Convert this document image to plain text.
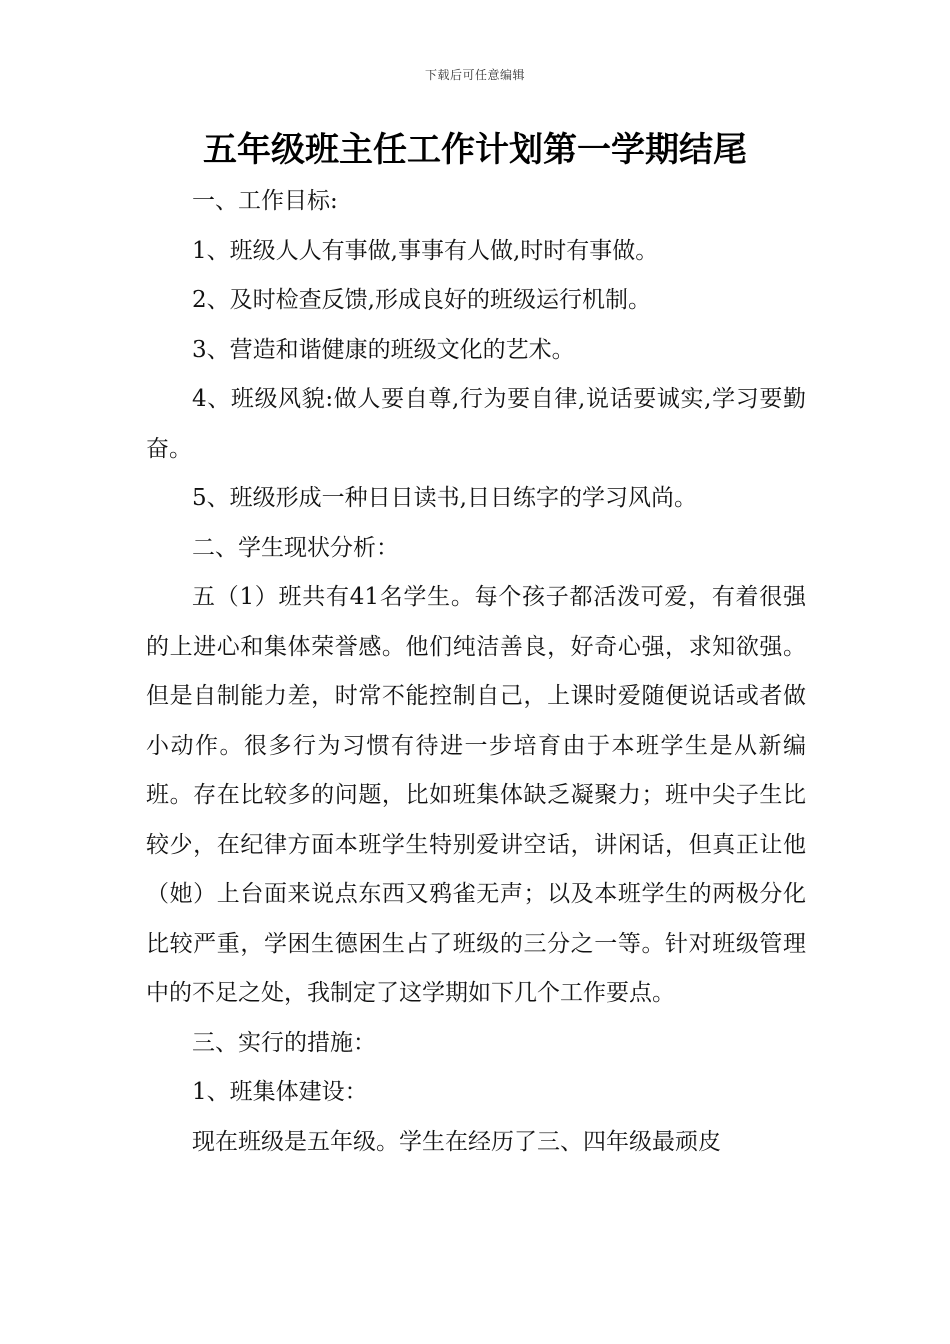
下载后可任意编辑
五年级班主任工作计划第一学期结尾

一、工作目标:

1、班级人人有事做,事事有人做,时时有事做。

2、及时检查反馈,形成良好的班级运行机制。

3、营造和谐健康的班级文化的艺术。

4、班级风貌:做人要自尊,行为要自律,说话要诚实,学习要勤奋。

5、班级形成一种日日读书,日日练字的学习风尚。

二、学生现状分析：

五（1）班共有41名学生。每个孩子都活泼可爱，有着很强的上进心和集体荣誉感。他们纯洁善良，好奇心强，求知欲强。但是自制能力差，时常不能控制自己，上课时爱随便说话或者做小动作。很多行为习惯有待进一步培育由于本班学生是从新编班。存在比较多的问题，比如班集体缺乏凝聚力；班中尖子生比较少，在纪律方面本班学生特别爱讲空话，讲闲话，但真正让他（她）上台面来说点东西又鸦雀无声；以及本班学生的两极分化比较严重，学困生德困生占了班级的三分之一等。针对班级管理中的不足之处，我制定了这学期如下几个工作要点。

三、实行的措施：

1、班集体建设：

现在班级是五年级。学生在经历了三、四年级最顽皮
